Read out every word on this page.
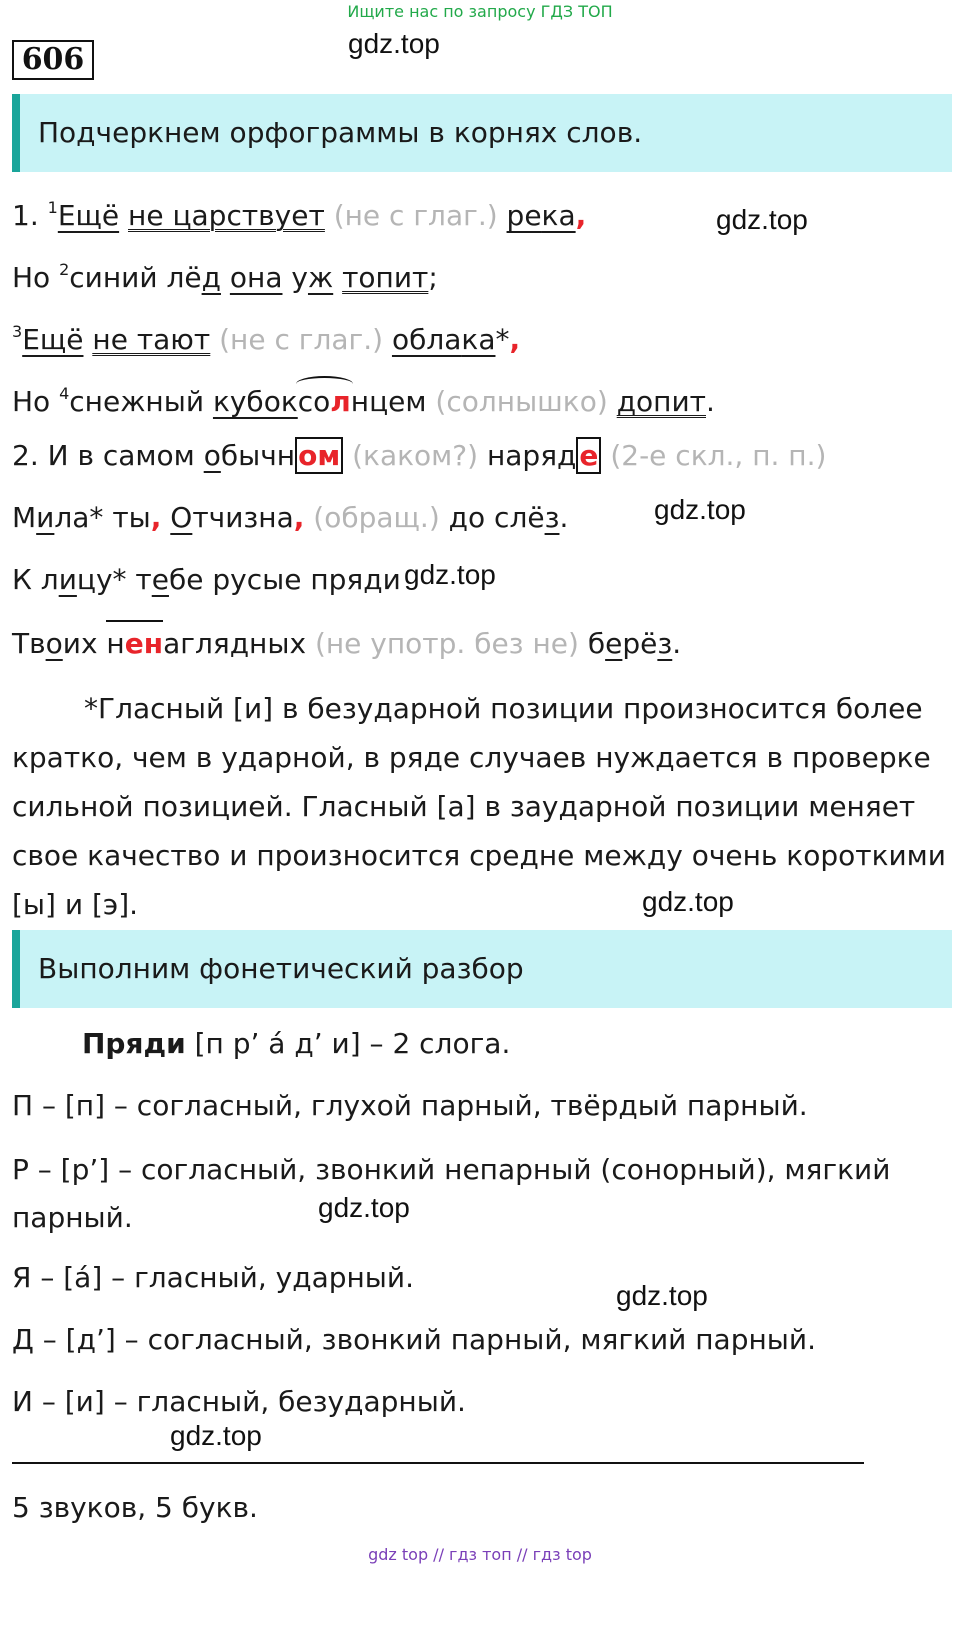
Ищите нас по запросу ГДЗ ТОП
606	gdz.top
gdz.top
gdz.top
gdz.top
gdz.top
gdz.top
gdz.top
gdz.top
Подчеркнем орфограммы в корнях слов.
1. $^1$Ещё не царствует (не с глаг.) река,
Но $^2$синий лёд она уж топит;
$^3$Ещё не тают (не с глаг.) облака*,
Но $^4$снежный кубоксолнцем (солнышко) допит.
2. И в самом обычн ом (каком?) наряд е (2-е скл., п. п.)
Мила* ты, Отчизна, (обращ.) до слёз.
К лицу* тебе русые пряди
Твоих ненаглядных (не употр. без не) берёз.
*Гласный [и] в безударной позиции произносится более кратко, чем в ударной, в ряде случаев нуждается в проверке сильной позицией. Гласный [а] в заударной позиции меняет свое качество и произносится средне между очень короткими [ы] и [э].
Выполним фонетический разбор
Пряди [п р’ а́ д’ и] – 2 слога.
П – [п] – согласный, глухой парный, твёрдый парный.
Р – [р’] – согласный, звонкий непарный (сонорный), мягкий парный.
Я – [а́] – гласный, ударный.
Д – [д’] – согласный, звонкий парный, мягкий парный.
И – [и] – гласный, безударный.
5 звуков, 5 букв.
gdz top // гдз топ // гдз top
